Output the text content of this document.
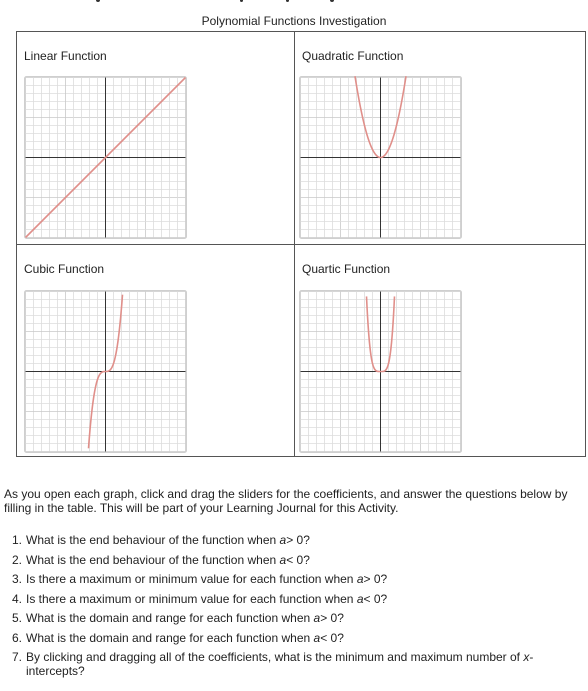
Polynomial Functions Investigation
Linear Function	Quadratic Function
Cubic Function	Quartic Function
As you open each graph, click and drag the sliders for the coefficients, and answer the questions below by filling in the table. This will be part of your Learning Journal for this Activity.
1. What is the end behaviour of the function when a> 0?
2. What is the end behaviour of the function when a< 0?
3. Is there a maximum or minimum value for each function when a> 0?
4. Is there a maximum or minimum value for each function when a< 0?
5. What is the domain and range for each function when a> 0?
6. What is the domain and range for each function when a< 0?
7. By clicking and dragging all of the coefficients, what is the minimum and maximum number of x-
intercepts?
